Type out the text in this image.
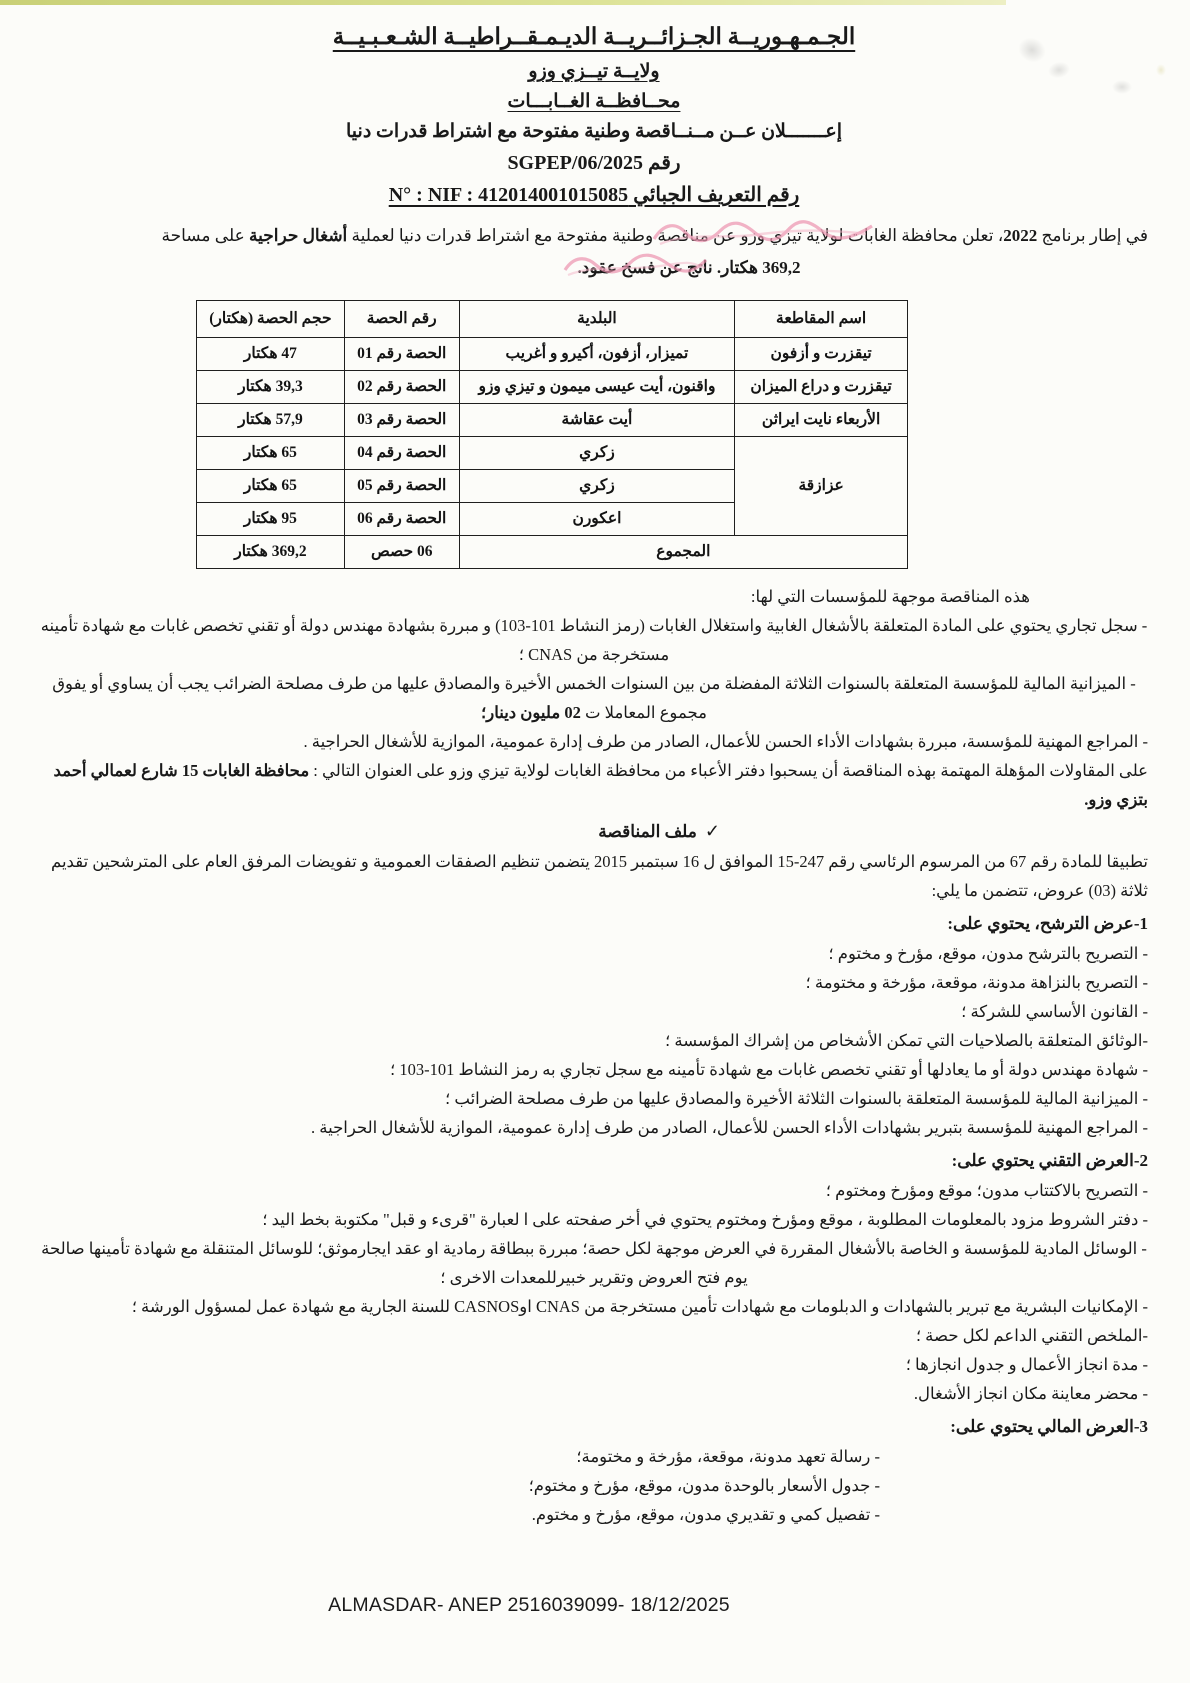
الجـمـهـوريــة الجـزائــريــة الديـمـقــراطيــة الشـعـبـيــة
ولايــة تيــزي وزو
محــافظــة الغــابـــات
إعـــــــلان عــن مــنــاقصة وطنية مفتوحة مع اشتراط قدرات دنيا
رقم 2025/SGPEP/06
رقم التعريف الجبائي N° : NIF : 412014001015085
في إطار برنامج 2022، تعلن محافظة الغابات لولاية تيزي وزو عن مناقصة وطنية مفتوحة مع اشتراط قدرات دنيا لعملية أشغال حراجية على مساحة
369,2 هكتار. ناتج عن فسخ عقود.
اسم المقاطعة	البلدية	رقم الحصة	حجم الحصة (هكتار)
تيقزرت و أزفون	تميزار، أزفون، أكيرو و أغريب	الحصة رقم 01	47 هكتار
تيقزرت و دراع الميزان	واقنون، أيت عيسى ميمون و تيزي وزو	الحصة رقم 02	39,3 هكتار
الأربعاء نايت ايراثن	أيت عقاشة	الحصة رقم 03	57,9 هكتار
عزازقة	زكري	الحصة رقم 04	65 هكتار
	زكري	الحصة رقم 05	65 هكتار
	اعكورن	الحصة رقم 06	95 هكتار
المجموع		06 حصص	369,2 هكتار
هذه المناقصة موجهة للمؤسسات التي لها:
- سجل تجاري يحتوي على المادة المتعلقة بالأشغال الغابية واستغلال الغابات (رمز النشاط 101-103) و مبررة بشهادة مهندس دولة أو تقني تخصص غابات مع شهادة تأمينه مستخرجة من CNAS ؛
- الميزانية المالية للمؤسسة المتعلقة بالسنوات الثلاثة المفضلة من بين السنوات الخمس الأخيرة والمصادق عليها من طرف مصلحة الضرائب يجب أن يساوي أو يفوق مجموع المعاملا ت 02 مليون دينار؛
- المراجع المهنية للمؤسسة، مبررة بشهادات الأداء الحسن للأعمال، الصادر من طرف إدارة عمومية، الموازية للأشغال الحراجية .
على المقاولات المؤهلة المهتمة بهذه المناقصة أن يسحبوا دفتر الأعباء من محافظة الغابات لولاية تيزي وزو على العنوان التالي : محافظة الغابات 15 شارع لعمالي أحمد بتزي وزو.
✓ملف المناقصة
تطبيقا للمادة رقم 67 من المرسوم الرئاسي رقم 247-15 الموافق ل 16 سبتمبر 2015 يتضمن تنظيم الصفقات العمومية و تفويضات المرفق العام على المترشحين تقديم ثلاثة (03) عروض، تتضمن ما يلي:
1-عرض الترشح، يحتوي على:
- التصريح بالترشح مدون، موقع، مؤرخ و مختوم ؛
- التصريح بالنزاهة مدونة، موقعة، مؤرخة و مختومة ؛
- القانون الأساسي للشركة ؛
-الوثائق المتعلقة بالصلاحيات التي تمكن الأشخاص من إشراك المؤسسة ؛
- شهادة مهندس دولة أو ما يعادلها أو تقني تخصص غابات مع شهادة تأمينه مع سجل تجاري به رمز النشاط 101-103 ؛
- الميزانية المالية للمؤسسة المتعلقة بالسنوات الثلاثة الأخيرة والمصادق عليها من طرف مصلحة الضرائب ؛
- المراجع المهنية للمؤسسة بتبرير بشهادات الأداء الحسن للأعمال، الصادر من طرف إدارة عمومية، الموازية للأشغال الحراجية .
2-العرض التقني يحتوي على:
- التصريح بالاكتتاب مدون؛ موقع ومؤرخ ومختوم ؛
- دفتر الشروط مزود بالمعلومات المطلوبة ، موقع ومؤرخ ومختوم يحتوي في أخر صفحته على ا لعبارة "قرىء و قبل" مكتوبة بخط اليد ؛
- الوسائل المادية للمؤسسة و الخاصة بالأشغال المقررة في العرض موجهة لكل حصة؛ مبررة ببطاقة رمادية او عقد ايجارموثق؛ للوسائل المتنقلة مع شهادة تأمينها صالحة يوم فتح العروض وتقرير خبيرللمعدات الاخرى ؛
- الإمكانيات البشرية مع تبرير بالشهادات و الدبلومات مع شهادات تأمين مستخرجة من CNAS اوCASNOS للسنة الجارية مع شهادة عمل لمسؤول الورشة ؛
-الملخص التقني الداعم لكل حصة ؛
- مدة انجاز الأعمال و جدول انجازها ؛
- محضر معاينة مكان انجاز الأشغال.
3-العرض المالي يحتوي على:
- رسالة تعهد مدونة، موقعة، مؤرخة و مختومة؛
- جدول الأسعار بالوحدة مدون، موقع، مؤرخ و مختوم؛
- تفصيل كمي و تقديري مدون، موقع، مؤرخ و مختوم.
ALMASDAR- ANEP 2516039099- 18/12/2025
